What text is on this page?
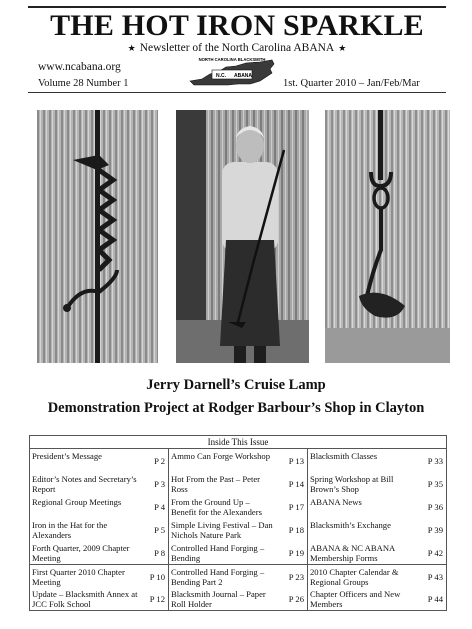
THE HOT IRON SPARKLE
★ Newsletter of the North Carolina ABANA ★
www.ncabana.org
Volume 28 Number 1	1st. Quarter 2010 – Jan/Feb/Mar
NORTH CAROLINA BLACKSMITH
N.C. ABANA
Jerry Darnell’s Cruise Lamp
Demonstration Project at Rodger Barbour’s Shop in Clayton
Inside This Issue
President’s Message	P 2
Editor’s Notes and Secretary’s Report	P 3
Regional Group Meetings	P 4
Iron in the Hat for the Alexanders	P 5
Forth Quarter, 2009 Chapter Meeting	P 8
First Quarter 2010 Chapter Meeting	P 10
Update – Blacksmith Annex at JCC Folk School	P 12
Ammo Can Forge Workshop P 13
Hot From the Past – Peter Ross	P 14
From the Ground Up – Benefit for the Alexanders	P 17
Simple Living Festival – Dan Nichols Nature Park	P 18
Controlled Hand Forging – Bending	P 19
Controlled Hand Forging – Bending Part 2	P 23
Blacksmith Journal – Paper Roll Holder	P 26
Blacksmith Classes	P 33
Spring Workshop at Bill Brown’s Shop	P 35
ABANA News	P 36
Blacksmith’s Exchange	P 39
ABANA & NC ABANA Membership Forms	P 42
2010 Chapter Calendar & Regional Groups	P 43
Chapter Officers and New Members	P 44
